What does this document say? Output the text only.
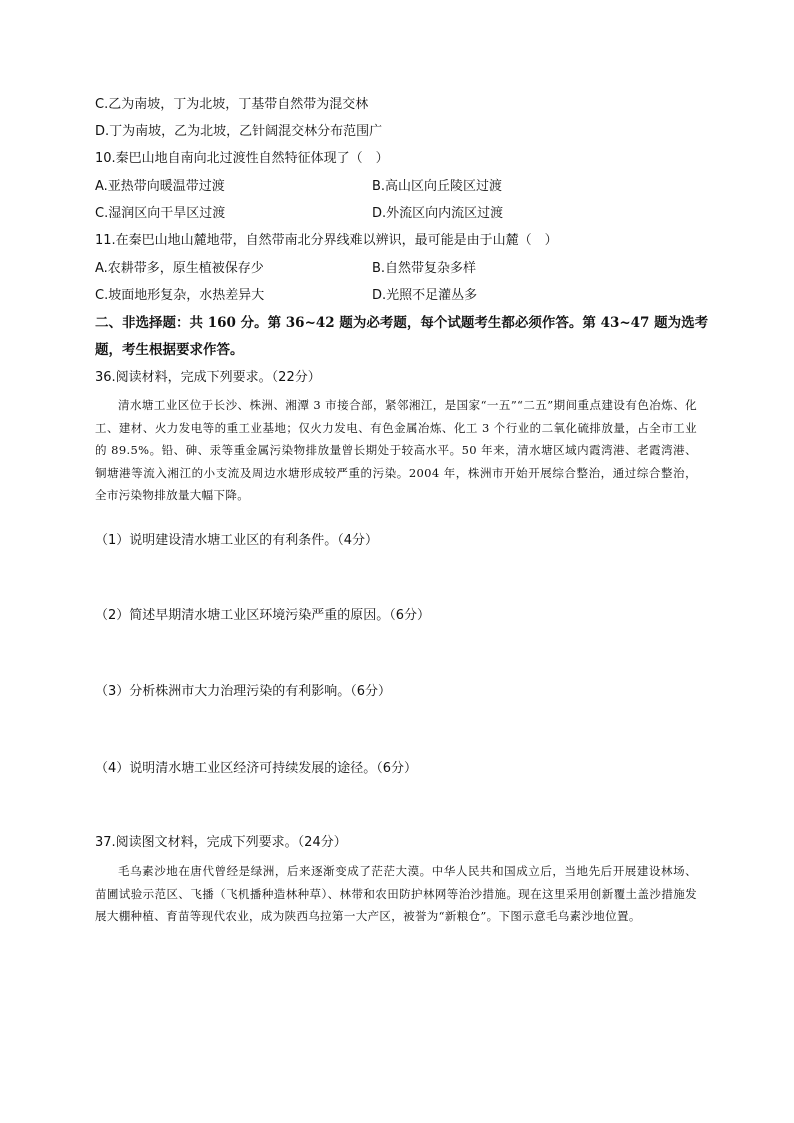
C.乙为南坡，丁为北坡，丁基带自然带为混交林
D.丁为南坡，乙为北坡，乙针阔混交林分布范围广
10.秦巴山地自南向北过渡性自然特征体现了（　）
A.亚热带向暖温带过渡	B.高山区向丘陵区过渡
C.湿润区向干旱区过渡	D.外流区向内流区过渡
11.在秦巴山地山麓地带，自然带南北分界线难以辨识，最可能是由于山麓（　）
A.农耕带多，原生植被保存少	B.自然带复杂多样
C.坡面地形复杂，水热差异大	D.光照不足灌丛多
二、非选择题：共 160 分。第 36~42 题为必考题，每个试题考生都必须作答。第 43~47 题为选考
题，考生根据要求作答。
36.阅读材料，完成下列要求。（22分）
清水塘工业区位于长沙、株洲、湘潭 3 市接合部，紧邻湘江，是国家“一五”“二五”期间重点建设有色冶炼、化工、建材、火力发电等的重工业基地；仅火力发电、有色金属冶炼、化工 3 个行业的二氧化硫排放量，占全市工业的 89.5%。铅、砷、汞等重金属污染物排放量曾长期处于较高水平。50 年来，清水塘区域内霞湾港、老霞湾港、铜塘港等流入湘江的小支流及周边水塘形成较严重的污染。2004 年，株洲市开始开展综合整治，通过综合整治，全市污染物排放量大幅下降。
（1）说明建设清水塘工业区的有利条件。（4分）
（2）简述早期清水塘工业区环境污染严重的原因。（6分）
（3）分析株洲市大力治理污染的有利影响。（6分）
（4）说明清水塘工业区经济可持续发展的途径。（6分）
37.阅读图文材料，完成下列要求。（24分）
毛乌素沙地在唐代曾经是绿洲，后来逐渐变成了茫茫大漠。中华人民共和国成立后，当地先后开展建设林场、苗圃试验示范区、飞播（飞机播种造林种草）、林带和农田防护林网等治沙措施。现在这里采用创新覆土盖沙措施发展大棚种植、育苗等现代农业，成为陕西乌拉第一大产区，被誉为“新粮仓”。下图示意毛乌素沙地位置。
